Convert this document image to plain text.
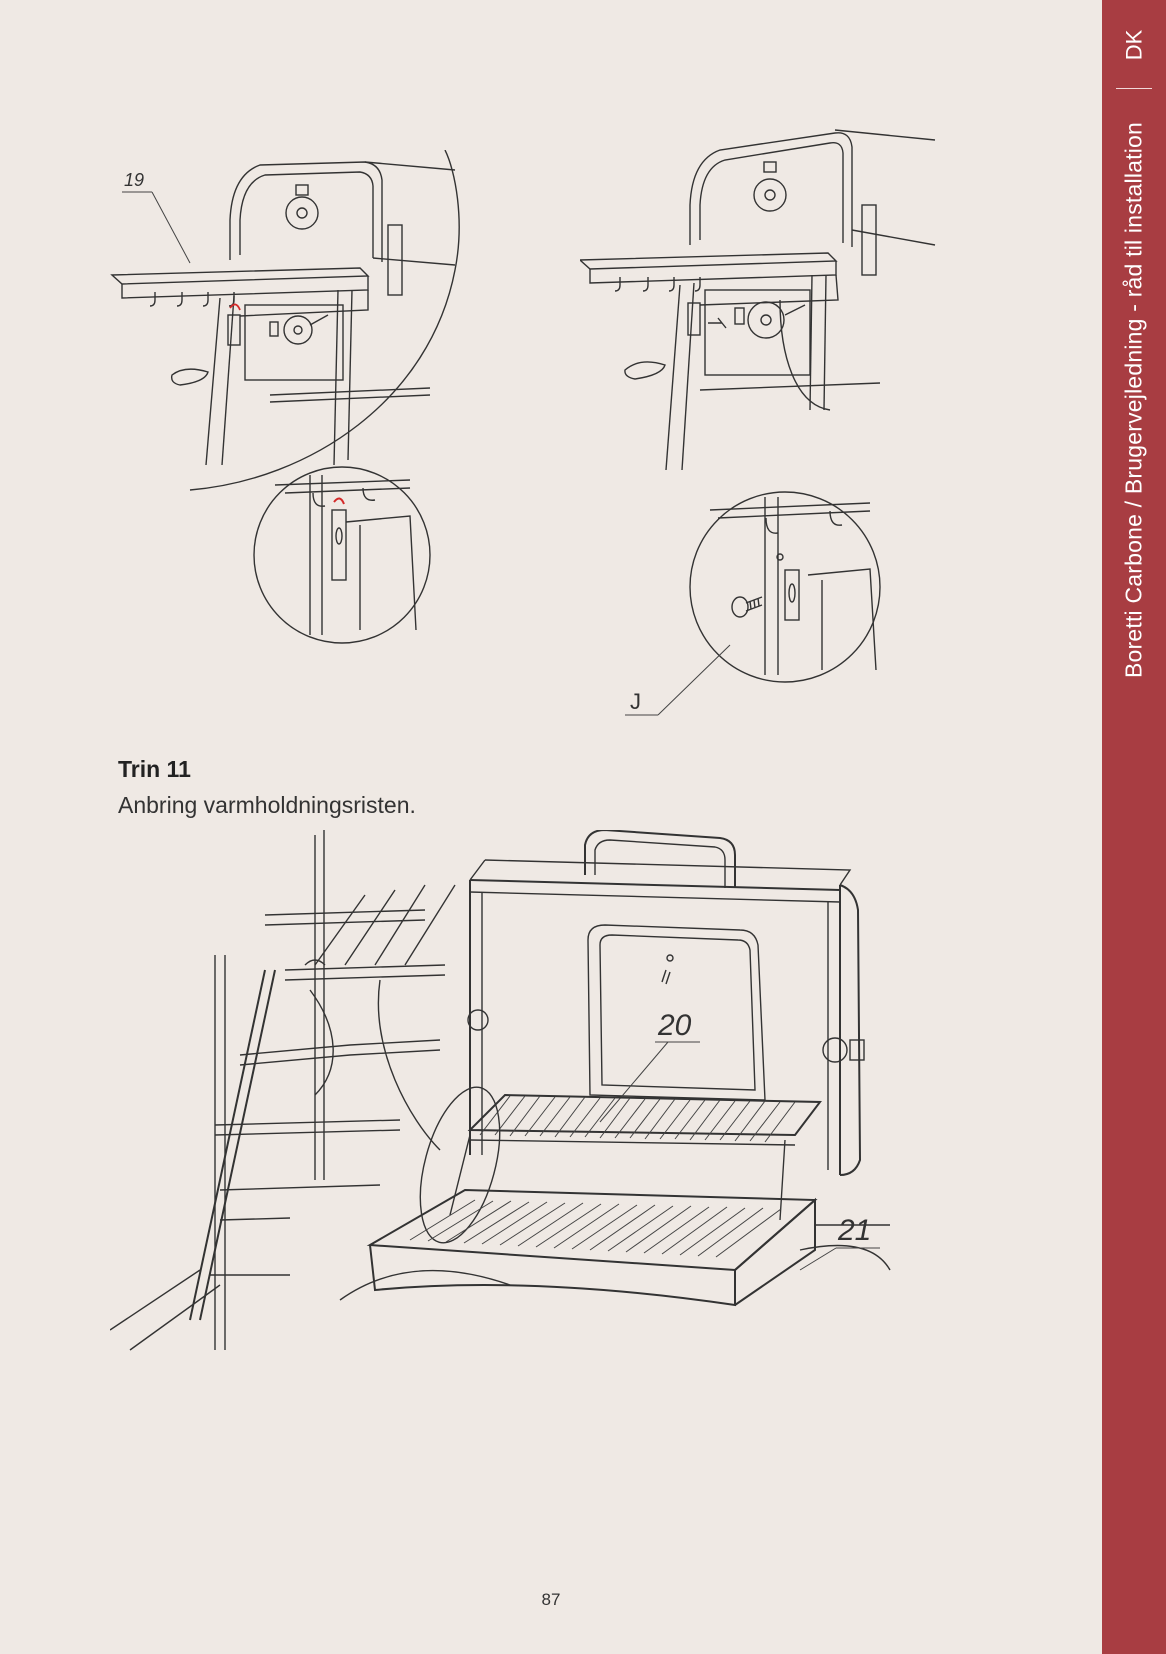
DK
Boretti Carbone / Brugervejledning - råd til installation
19
J
Trin 11
Anbring varmholdningsristen.
20
21
87
